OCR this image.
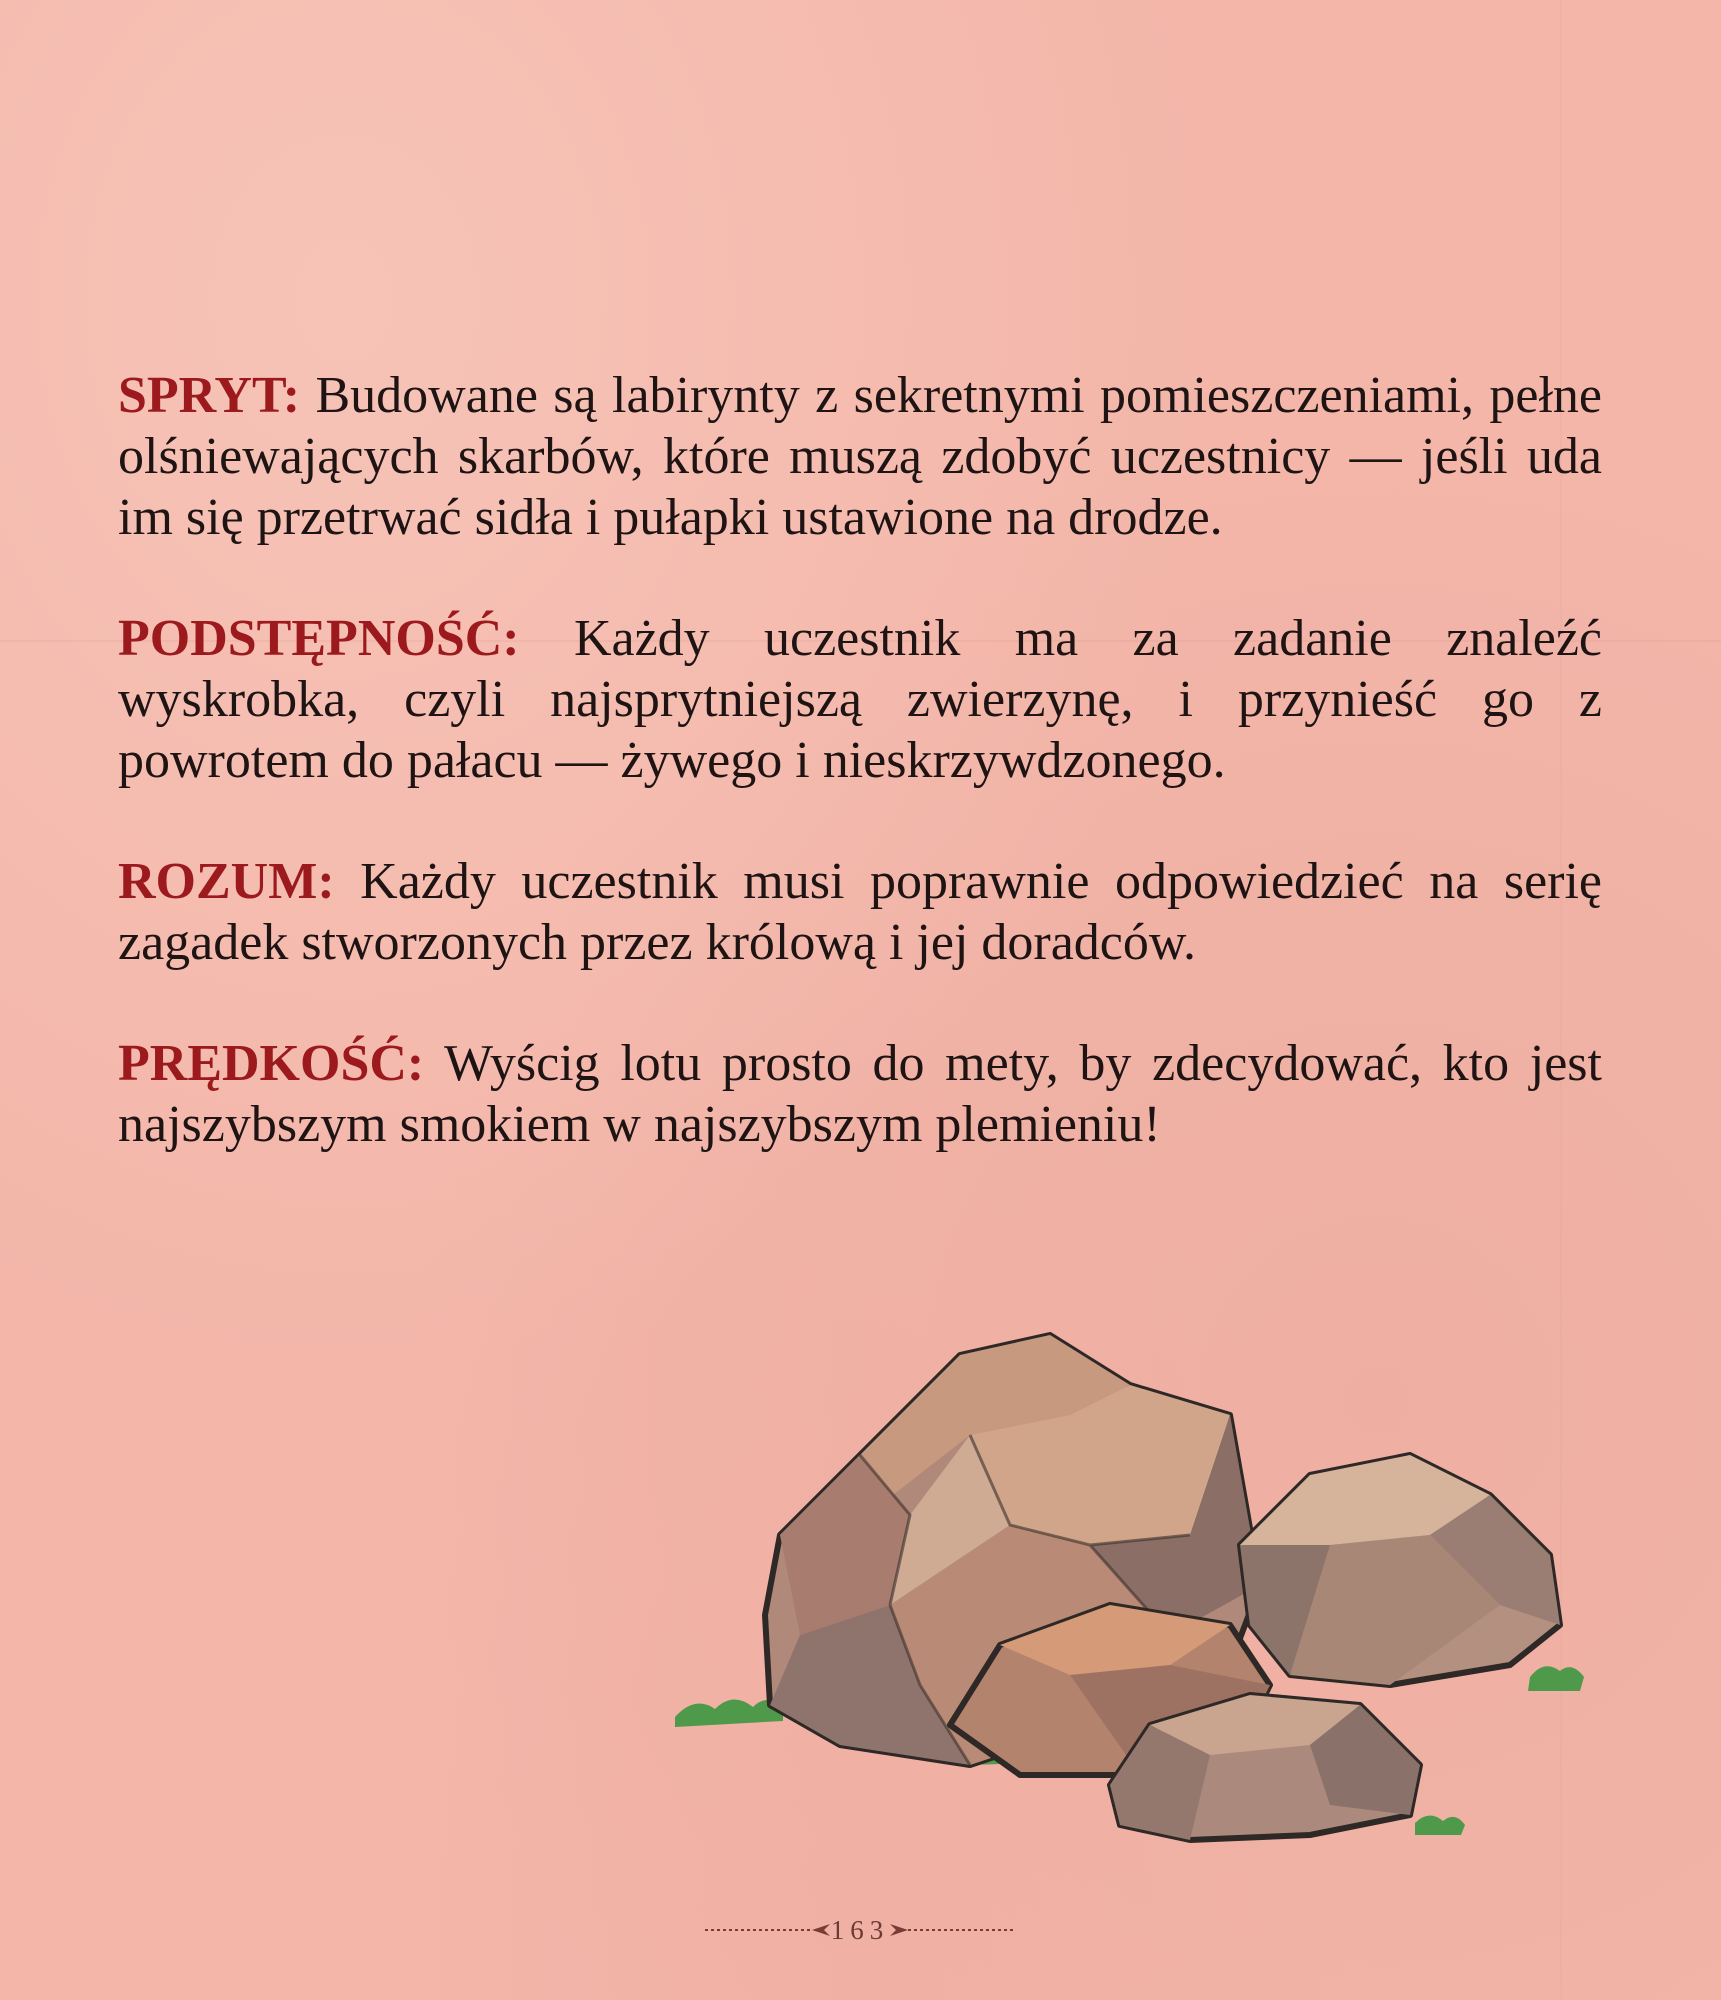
SPRYT: Budowane są labirynty z sekretnymi pomieszczeniami, pełne olśniewających skarbów, które muszą zdobyć uczestnicy — jeśli uda im się przetrwać sidła i pułapki ustawione na drodze.

PODSTĘPNOŚĆ: Każdy uczestnik ma za zadanie znaleźć wyskrobka, czyli najsprytniejszą zwierzynę, i przynieść go z powrotem do pałacu — żywego i nieskrzywdzonego.

ROZUM: Każdy uczestnik musi poprawnie odpowiedzieć na serię zagadek stworzonych przez królową i jej doradców.

PRĘDKOŚĆ: Wyścig lotu prosto do mety, by zdecydować, kto jest najszybszym smokiem w najszybszym plemieniu!

163
